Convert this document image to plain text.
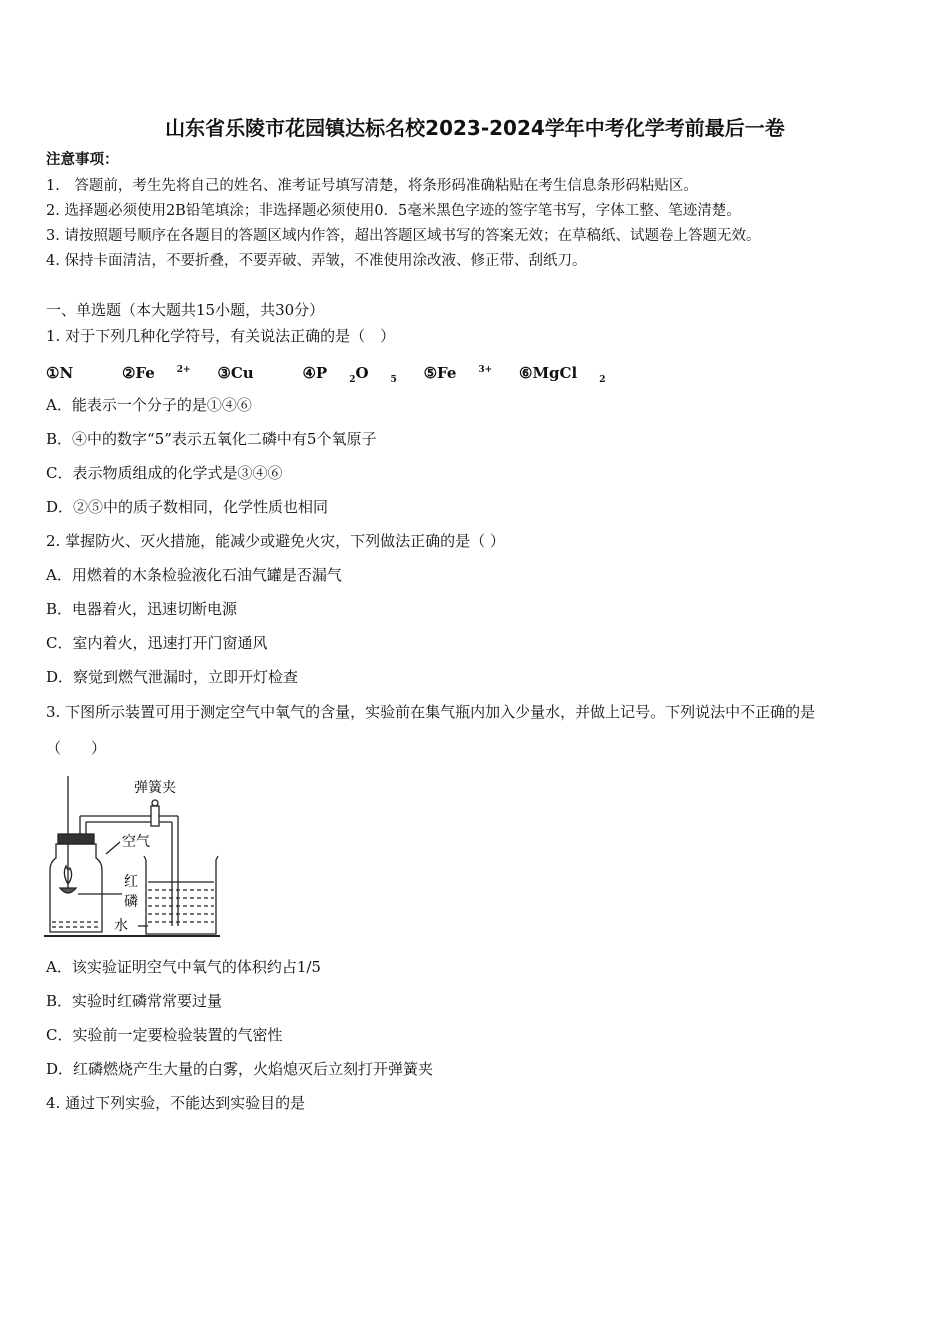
山东省乐陵市花园镇达标名校2023-2024学年中考化学考前最后一卷
注意事项：
1.　答题前，考生先将自己的姓名、准考证号填写清楚，将条形码准确粘贴在考生信息条形码粘贴区。
2. 选择题必须使用2B铅笔填涂；非选择题必须使用0．5毫米黑色字迹的签字笔书写，字体工整、笔迹清楚。
3. 请按照题号顺序在各题目的答题区域内作答，超出答题区域书写的答案无效；在草稿纸、试题卷上答题无效。
4. 保持卡面清洁，不要折叠，不要弄破、弄皱，不准使用涂改液、修正带、刮纸刀。
一、单选题（本大题共15小题，共30分）
1. 对于下列几种化学符号，有关说法正确的是（　）
①N	②Fe $^{2+}$ ③Cu	④P $_2$O $_5$ ⑤Fe $^{3+}$ ⑥MgCl $_2$
A．能表示一个分子的是①④⑥
B．④中的数字“5”表示五氧化二磷中有5个氧原子
C．表示物质组成的化学式是③④⑥
D．②⑤中的质子数相同，化学性质也相同
2. 掌握防火、灭火措施，能减少或避免火灾，下列做法正确的是（ ）
A．用燃着的木条检验液化石油气罐是否漏气
B．电器着火，迅速切断电源
C．室内着火，迅速打开门窗通风
D．察觉到燃气泄漏时，立即开灯检查
3. 下图所示装置可用于测定空气中氧气的含量，实验前在集气瓶内加入少量水，并做上记号。下列说法中不正确的是
（　　）
弹簧夹
空气
红
磷
水
A．该实验证明空气中氧气的体积约占1/5
B．实验时红磷常常要过量
C．实验前一定要检验装置的气密性
D．红磷燃烧产生大量的白雾，火焰熄灭后立刻打开弹簧夹
4. 通过下列实验，不能达到实验目的是
